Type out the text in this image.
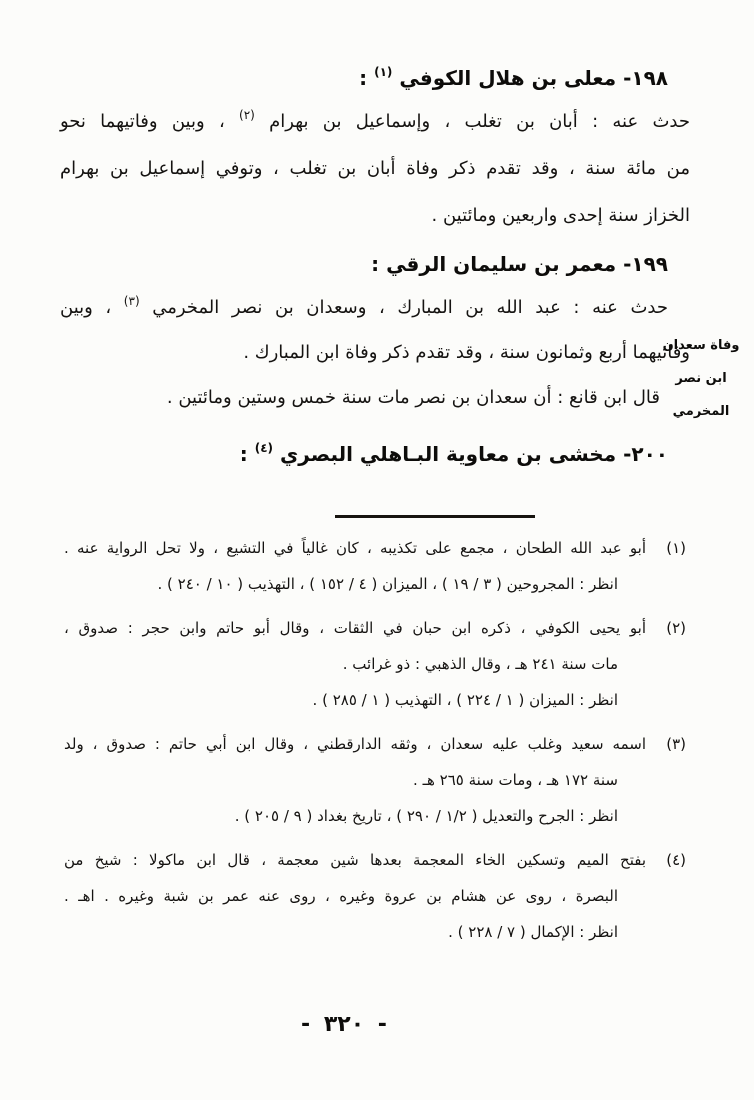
١٩٨- معلى بن هلال الكوفي $^{(١)}$ :
حدث عنه : أبان بن تغلب ، وإسماعيل بن بهرام $^{(٢)}$ ، وبين وفاتيهما نحو
من مائة سنة ، وقد تقدم ذكر وفاة أبان بن تغلب ، وتوفي إسماعيل بن بهرام
الخزاز سنة إحدى واربعين ومائتين .
١٩٩- معمر بن سليمان الرقي :
حدث عنه : عبد الله بن المبارك ، وسعدان بن نصر المخرمي $^{(٣)}$ ، وبين
وفاتيهما أربع وثمانون سنة ، وقد تقدم ذكر وفاة ابن المبارك .
قال ابن قانع : أن سعدان بن نصر مات سنة خمس وستين ومائتين .
وفاة سعدان
ابن نصر
المخرمي
٢٠٠- مخشى بن معاوية البـاهلي البصري $^{(٤)}$ :
(١)
أبو عبد الله الطحان ، مجمع على تكذيبه ، كان غالياً في التشيع ، ولا تحل الرواية عنه .
انظر : المجروحين ( ٣ / ١٩ ) ، الميزان ( ٤ / ١٥٢ ) ، التهذيب ( ١٠ / ٢٤٠ ) .
(٢)
أبو يحيى الكوفي ، ذكره ابن حبان في الثقات ، وقال أبو حاتم وابن حجر : صدوق ،
مات سنة ٢٤١ هـ ، وقال الذهبي : ذو غرائب .
انظر : الميزان ( ١ / ٢٢٤ ) ، التهذيب ( ١ / ٢٨٥ ) .
(٣)
اسمه سعيد وغلب عليه سعدان ، وثقه الدارقطني ، وقال ابن أبي حاتم : صدوق ، ولد
سنة ١٧٢ هـ ، ومات سنة ٢٦٥ هـ .
انظر : الجرح والتعديل ( ١/٢ / ٢٩٠ ) ، تاريخ بغداد ( ٩ / ٢٠٥ ) .
(٤)
بفتح الميم وتسكين الخاء المعجمة بعدها شين معجمة ، قال ابن ماكولا : شيخ من
البصرة ، روى عن هشام بن عروة وغيره ، روى عنه عمر بن شبة وغيره . اهـ .
انظر : الإكمال ( ٧ / ٢٢٨ ) .
- ٣٢٠ -
